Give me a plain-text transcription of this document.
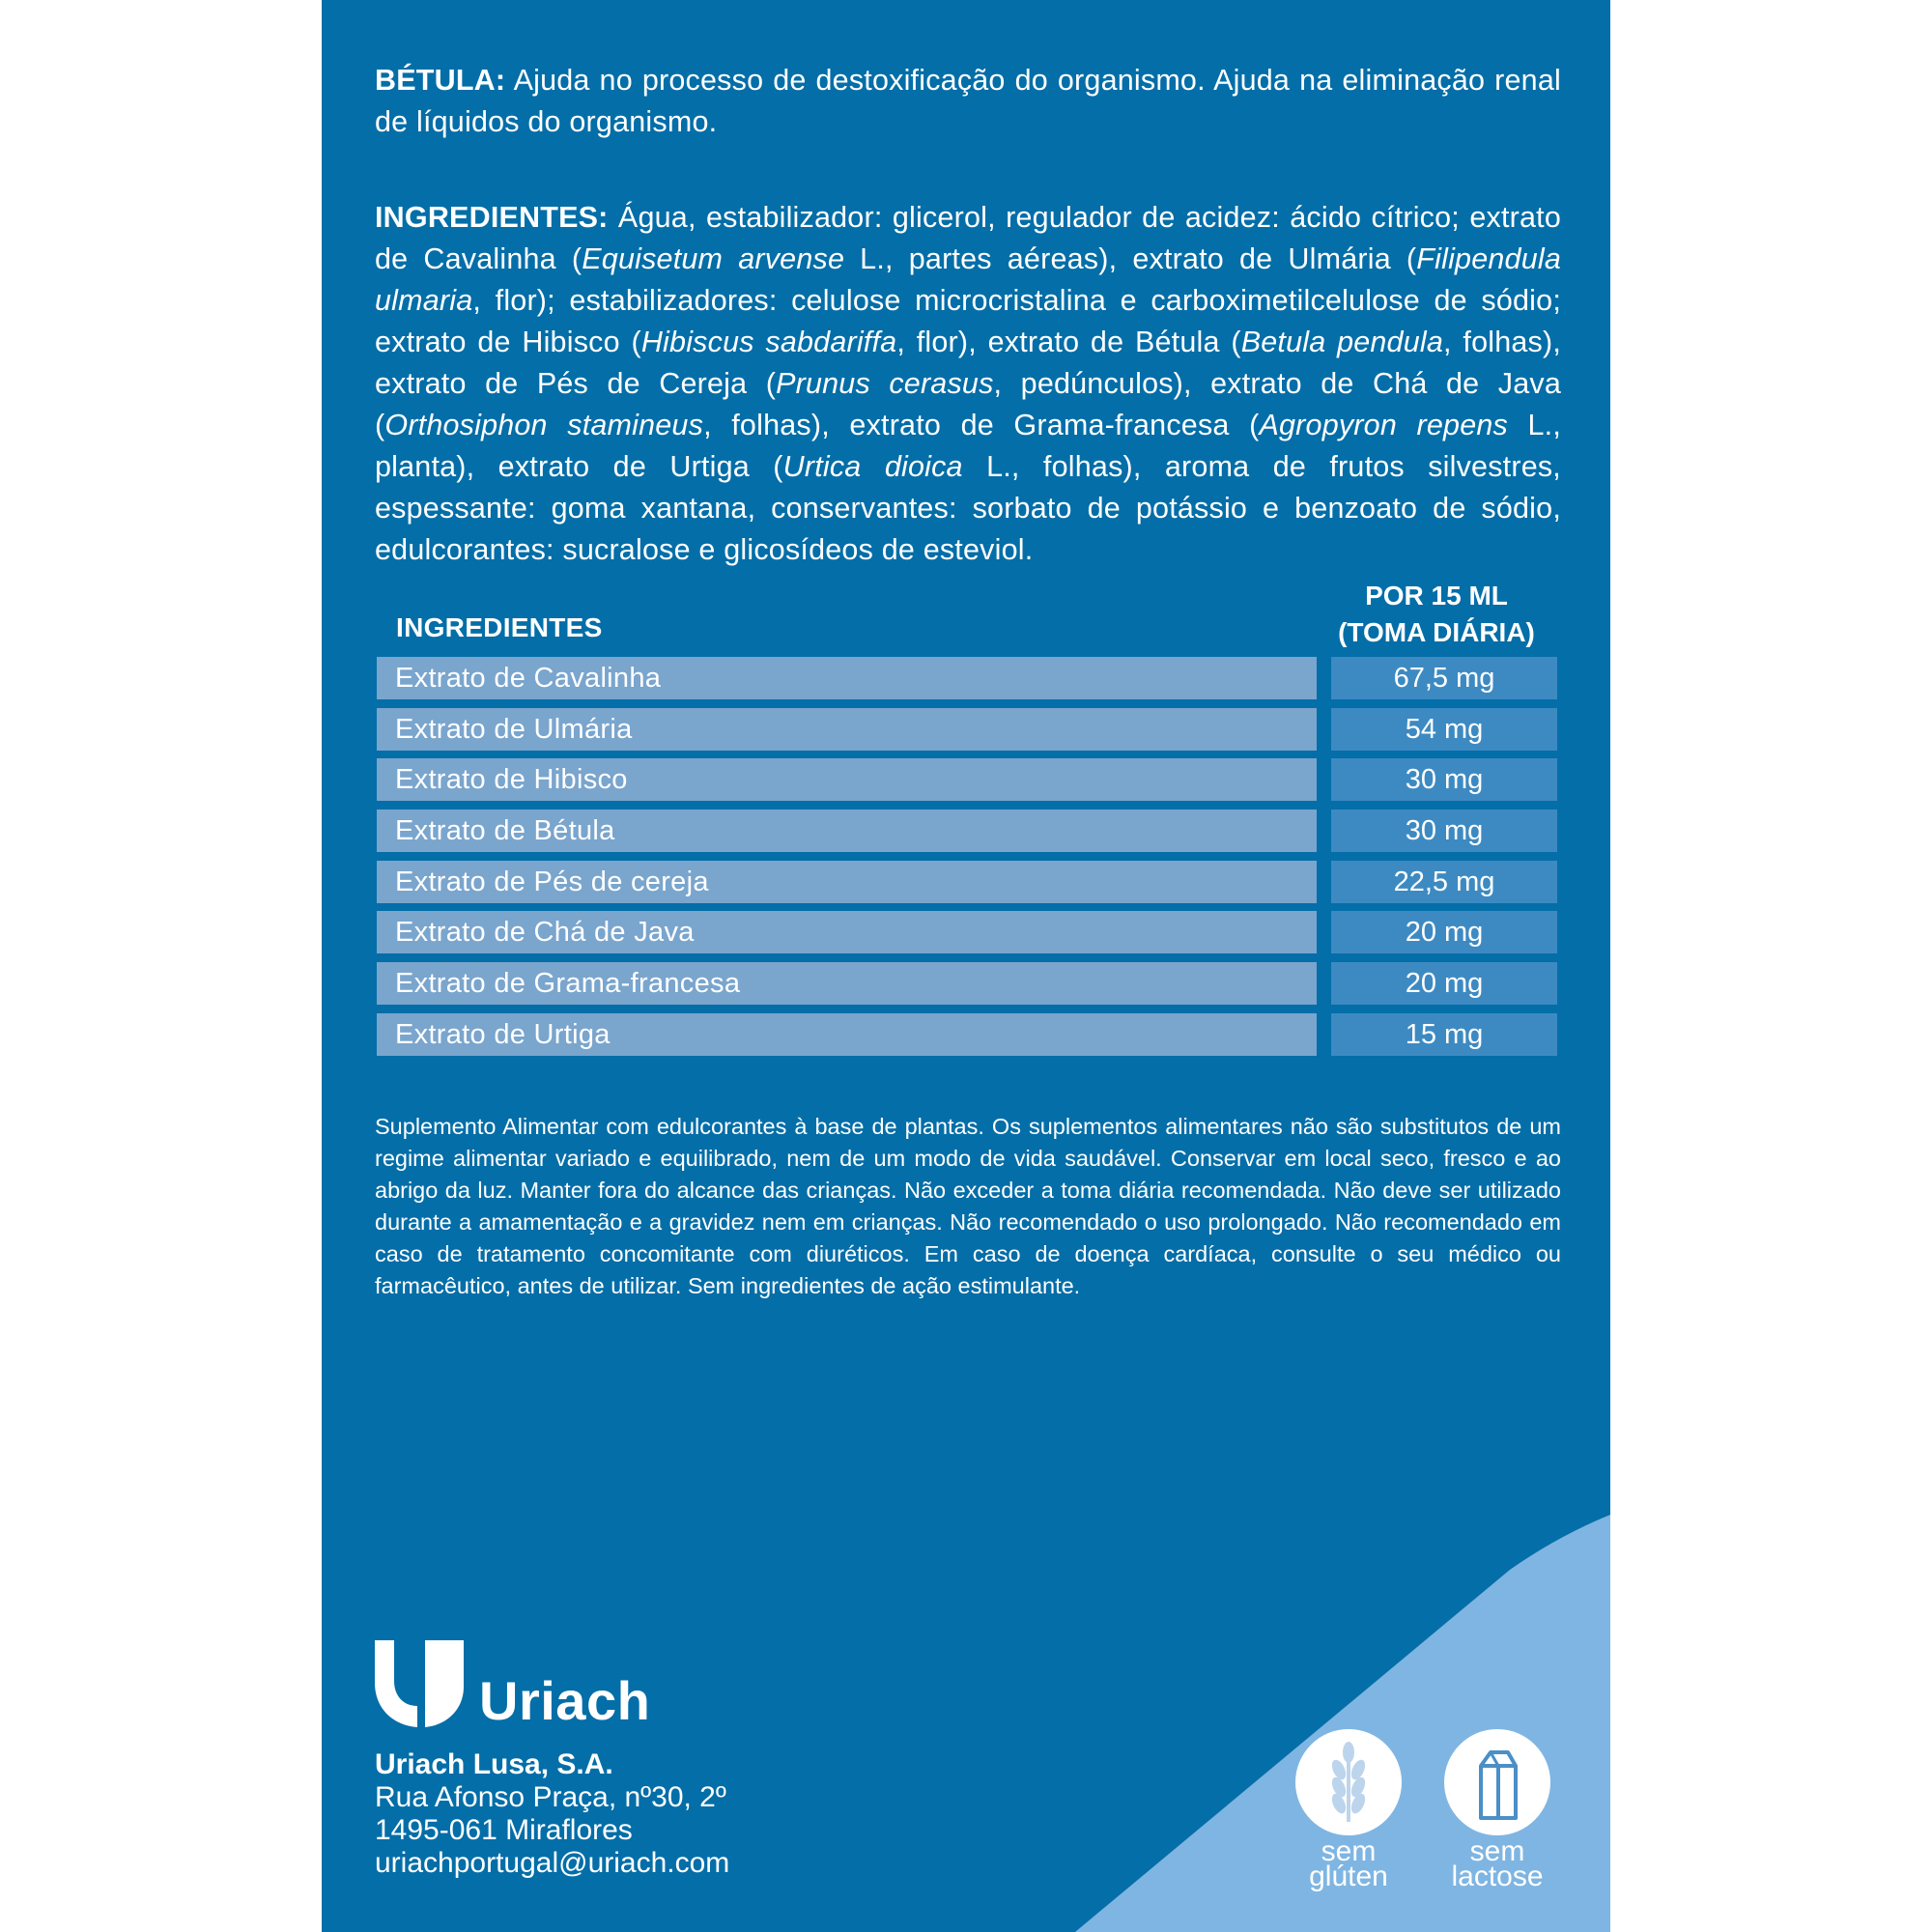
BÉTULA: Ajuda no processo de destoxificação do organismo. Ajuda na eliminação renal de líquidos do organismo.

INGREDIENTES: Água, estabilizador: glicerol, regulador de acidez: ácido cítrico; extrato de Cavalinha (Equisetum arvense L., partes aéreas), extrato de Ulmária (Filipendula ulmaria, flor); estabilizadores: celulose microcristalina e carboximetilcelulose de sódio; extrato de Hibisco (Hibiscus sabdariffa, flor), extrato de Bétula (Betula pendula, folhas), extrato de Pés de Cereja (Prunus cerasus, pedúnculos), extrato de Chá de Java (Orthosiphon stamineus, folhas), extrato de Grama-francesa (Agropyron repens L., planta), extrato de Urtiga (Urtica dioica L., folhas), aroma de frutos silvestres, espessante: goma xantana, conservantes: sorbato de potássio e benzoato de sódio, edulcorantes: sucralose e glicosídeos de esteviol.

INGREDIENTES
POR 15 ML
(TOMA DIÁRIA)
Extrato de Cavalinha	67,5 mg
Extrato de Ulmária	54 mg
Extrato de Hibisco	30 mg
Extrato de Bétula	30 mg
Extrato de Pés de cereja	22,5 mg
Extrato de Chá de Java	20 mg
Extrato de Grama-francesa	20 mg
Extrato de Urtiga	15 mg

Suplemento Alimentar com edulcorantes à base de plantas. Os suplementos alimentares não são substitutos de um regime alimentar variado e equilibrado, nem de um modo de vida saudável. Conservar em local seco, fresco e ao abrigo da luz. Manter fora do alcance das crianças. Não exceder a toma diária recomendada. Não deve ser utilizado durante a amamentação e a gravidez nem em crianças. Não recomendado o uso prolongado. Não recomendado em caso de tratamento concomitante com diuréticos. Em caso de doença cardíaca, consulte o seu médico ou farmacêutico, antes de utilizar. Sem ingredientes de ação estimulante.

Uriach
Uriach Lusa, S.A.
Rua Afonso Praça, nº30, 2º
1495-061 Miraflores
uriachportugal@uriach.com	sem
glúten
sem
lactose
